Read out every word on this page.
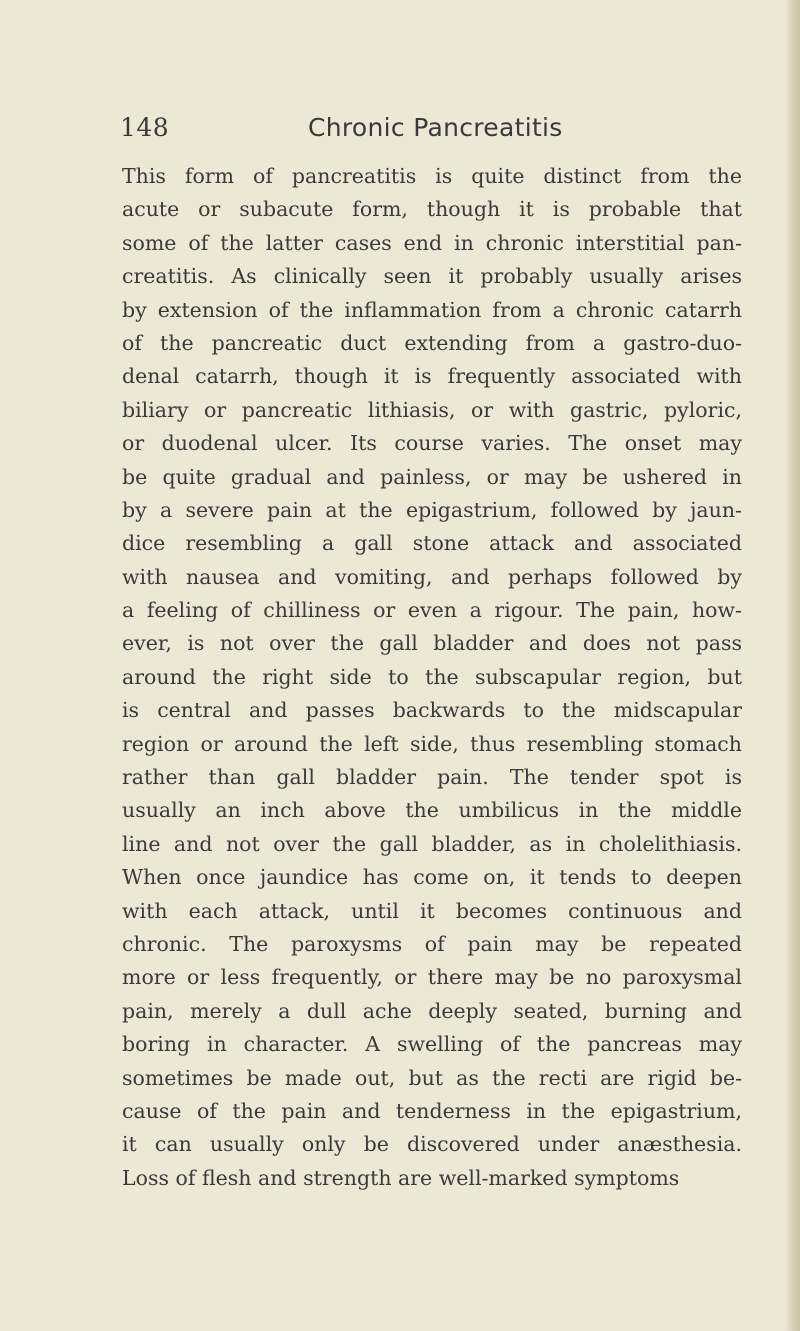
148	Chronic Pancreatitis
This form of pancreatitis is quite distinct from the
acute or subacute form, though it is probable that
some of the latter cases end in chronic interstitial pan-
creatitis. As clinically seen it probably usually arises
by extension of the inflammation from a chronic catarrh
of the pancreatic duct extending from a gastro-duo-
denal catarrh, though it is frequently associated with
biliary or pancreatic lithiasis, or with gastric, pyloric,
or duodenal ulcer. Its course varies. The onset may
be quite gradual and painless, or may be ushered in
by a severe pain at the epigastrium, followed by jaun-
dice resembling a gall stone attack and associated
with nausea and vomiting, and perhaps followed by
a feeling of chilliness or even a rigour. The pain, how-
ever, is not over the gall bladder and does not pass
around the right side to the subscapular region, but
is central and passes backwards to the midscapular
region or around the left side, thus resembling stomach
rather than gall bladder pain. The tender spot is
usually an inch above the umbilicus in the middle
line and not over the gall bladder, as in cholelithiasis.
When once jaundice has come on, it tends to deepen
with each attack, until it becomes continuous and
chronic. The paroxysms of pain may be repeated
more or less frequently, or there may be no paroxysmal
pain, merely a dull ache deeply seated, burning and
boring in character. A swelling of the pancreas may
sometimes be made out, but as the recti are rigid be-
cause of the pain and tenderness in the epigastrium,
it can usually only be discovered under anæsthesia.
Loss of flesh and strength are well-marked symptoms
